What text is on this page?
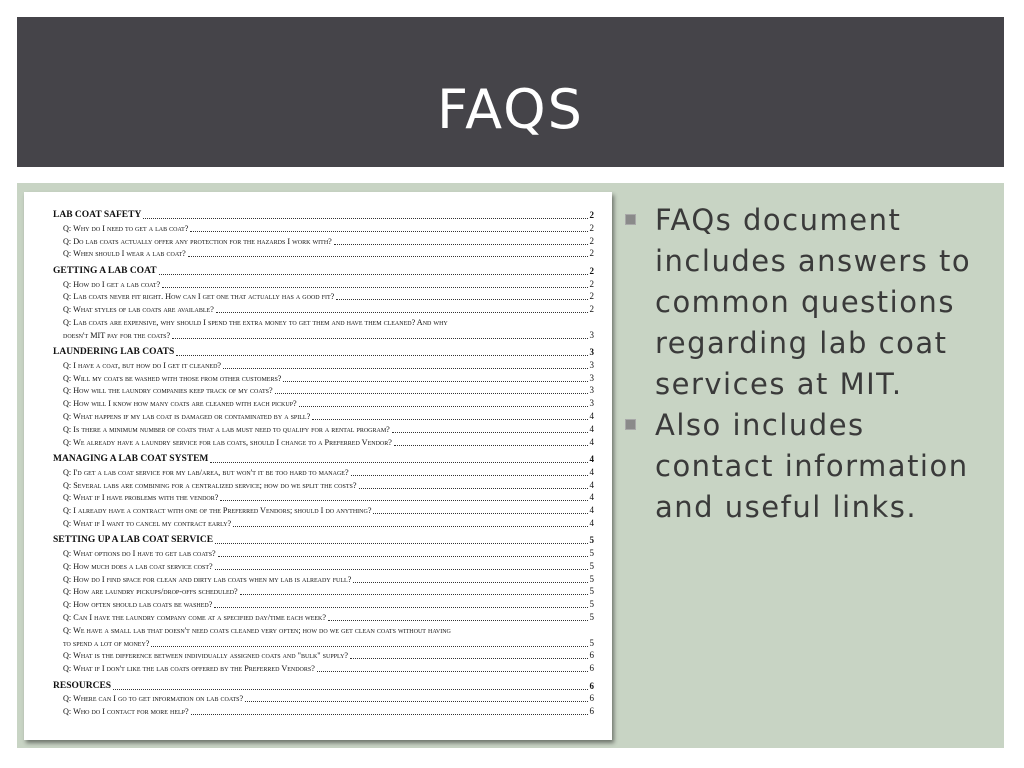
FAQS
LAB COAT SAFETY	2
Q: Why do I need to get a lab coat?	2
Q: Do lab coats actually offer any protection for the hazards I work with?	2
Q: When should I wear a lab coat?	2
GETTING A LAB COAT	2
Q: How do I get a lab coat?	2
Q: Lab coats never fit right. How can I get one that actually has a good fit?	2
Q: What styles of lab coats are available?	2
Q: Lab coats are expensive, why should I spend the extra money to get them and have them cleaned? And why
doesn't MIT pay for the coats?	3
LAUNDERING LAB COATS	3
Q: I have a coat, but how do I get it cleaned?	3
Q: Will my coats be washed with those from other customers?	3
Q: How will the laundry companies keep track of my coats?	3
Q: How will I know how many coats are cleaned with each pickup?	3
Q: What happens if my lab coat is damaged or contaminated by a spill?	4
Q: Is there a minimum number of coats that a lab must need to qualify for a rental program?	4
Q: We already have a laundry service for lab coats, should I change to a Preferred Vendor?	4
MANAGING A LAB COAT SYSTEM	4
Q: I'd get a lab coat service for my lab/area, but won't it be too hard to manage?	4
Q: Several labs are combining for a centralized service; how do we split the costs?	4
Q: What if I have problems with the vendor?	4
Q: I already have a contract with one of the Preferred Vendors; should I do anything?	4
Q: What if I want to cancel my contract early?	4
SETTING UP A LAB COAT SERVICE	5
Q: What options do I have to get lab coats?	5
Q: How much does a lab coat service cost?	5
Q: How do I find space for clean and dirty lab coats when my lab is already full?	5
Q: How are laundry pickups/drop-offs scheduled?	5
Q: How often should lab coats be washed?	5
Q: Can I have the laundry company come at a specified day/time each week?	5
Q: We have a small lab that doesn't need coats cleaned very often; how do we get clean coats without having
to spend a lot of money?	5
Q: What is the difference between individually assigned coats and "bulk" supply?	6
Q: What if I don't like the lab coats offered by the Preferred Vendors?	6
RESOURCES	6
Q: Where can I go to get information on lab coats?	6
Q: Who do I contact for more help?	6
FAQs document includes answers to common questions regarding lab coat services at MIT.
Also includes contact information and useful links.
